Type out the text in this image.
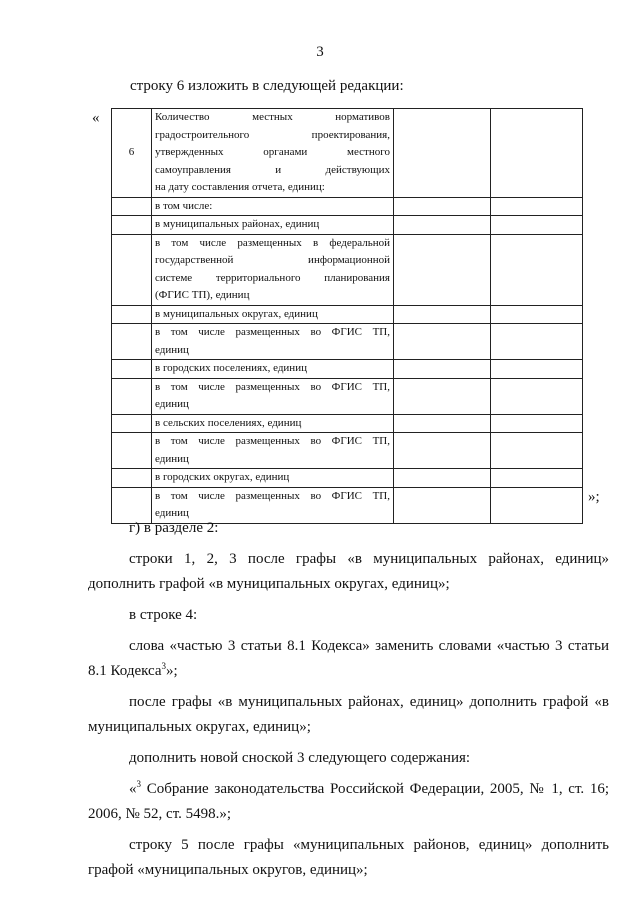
3
строку 6 изложить в следующей редакции:
«
6	Количество местных нормативов
градостроительного проектирования,
утвержденных органами местного
самоуправления и действующих
на дату составления отчета, единиц:		

	в том числе:		

	в муниципальных районах, единиц		

	в том числе размещенных в федеральной
государственной информационной
системе территориального планирования
(ФГИС ТП), единиц		

	в муниципальных округах, единиц		

	в том числе размещенных во ФГИС ТП,
единиц		

	в городских поселениях, единиц		

	в том числе размещенных во ФГИС ТП,
единиц		

	в сельских поселениях, единиц		

	в том числе размещенных во ФГИС ТП,
единиц		

	в городских округах, единиц		

	в том числе размещенных во ФГИС ТП,
единиц		

»;

г) в разделе 2:

строки 1, 2, 3 после графы «в муниципальных районах, единиц» дополнить графой «в муниципальных округах, единиц»;

в строке 4:

слова «частью 3 статьи 8.1 Кодекса» заменить словами «частью 3 статьи 8.1 Кодекса$^3$»;

после графы «в муниципальных районах, единиц» дополнить графой «в муниципальных округах, единиц»;

дополнить новой сноской 3 следующего содержания:

«$^3$ Собрание законодательства Российской Федерации, 2005, № 1, ст. 16; 2006, № 52, ст. 5498.»;

строку 5 после графы «муниципальных районов, единиц» дополнить графой «муниципальных округов, единиц»;
